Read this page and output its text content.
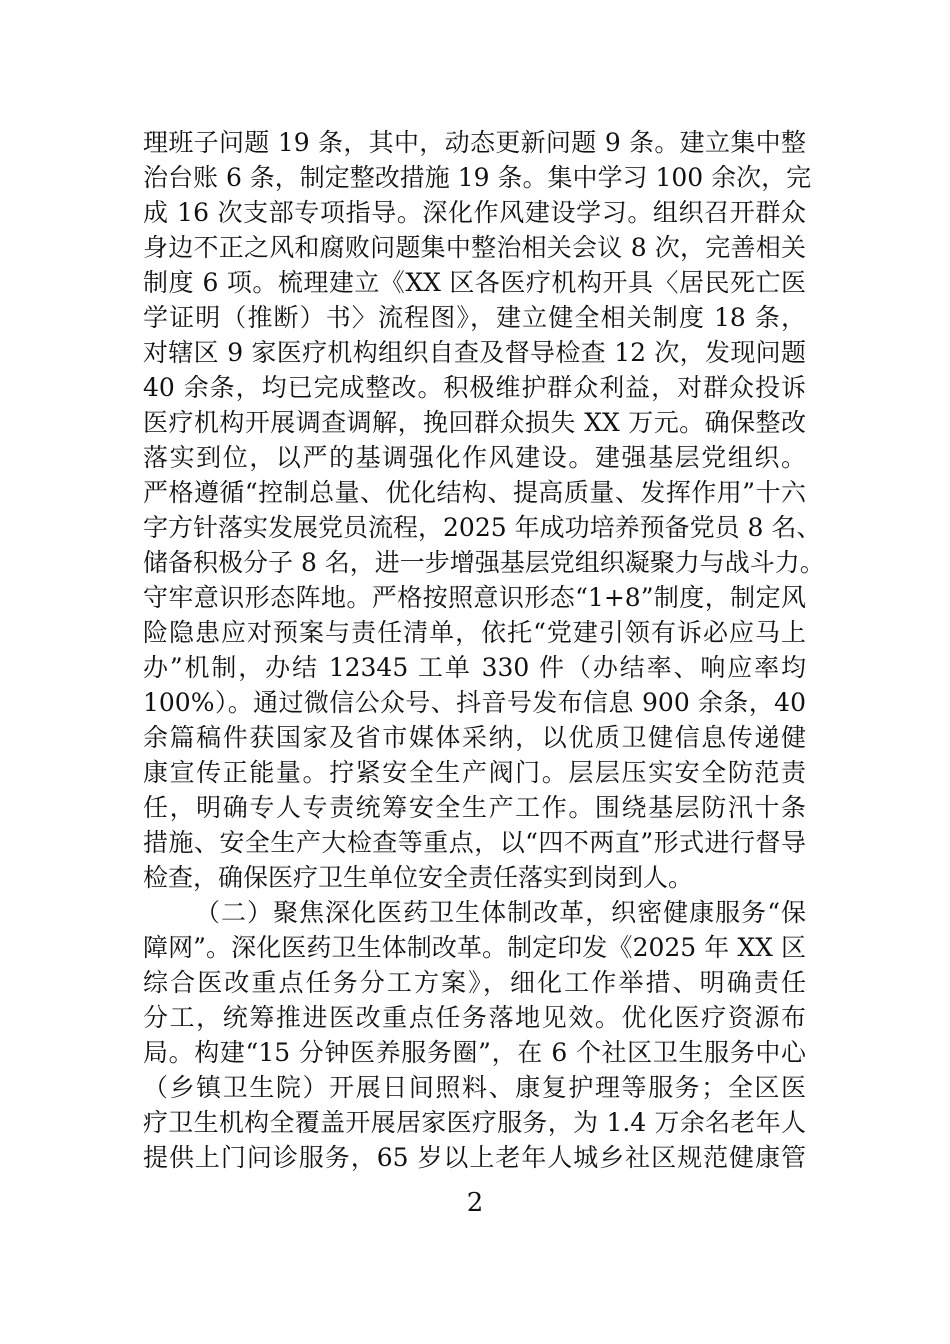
理班子问题 19 条，其中，动态更新问题 9 条。建立集中整
治台账 6 条，制定整改措施 19 条。集中学习 100 余次，完
成 16 次支部专项指导。深化作风建设学习。组织召开群众
身边不正之风和腐败问题集中整治相关会议 8 次，完善相关
制度 6 项。梳理建立《XX 区各医疗机构开具〈居民死亡医
学证明（推断）书〉流程图》，建立健全相关制度 18 条，
对辖区 9 家医疗机构组织自查及督导检查 12 次，发现问题
40 余条，均已完成整改。积极维护群众利益，对群众投诉
医疗机构开展调查调解，挽回群众损失 XX 万元。确保整改
落实到位，以严的基调强化作风建设。建强基层党组织。
严格遵循“控制总量、优化结构、提高质量、发挥作用”十六
字方针落实发展党员流程，2025 年成功培养预备党员 8 名、
储备积极分子 8 名，进一步增强基层党组织凝聚力与战斗力。
守牢意识形态阵地。严格按照意识形态“1+8”制度，制定风
险隐患应对预案与责任清单，依托“党建引领有诉必应马上
办”机制，办结 12345 工单 330 件（办结率、响应率均
100%）。通过微信公众号、抖音号发布信息 900 余条，40
余篇稿件获国家及省市媒体采纳，以优质卫健信息传递健
康宣传正能量。拧紧安全生产阀门。层层压实安全防范责
任，明确专人专责统筹安全生产工作。围绕基层防汛十条
措施、安全生产大检查等重点，以“四不两直”形式进行督导
检查，确保医疗卫生单位安全责任落实到岗到人。
（二）聚焦深化医药卫生体制改革，织密健康服务“保
障网”。深化医药卫生体制改革。制定印发《2025 年 XX 区
综合医改重点任务分工方案》，细化工作举措、明确责任
分工，统筹推进医改重点任务落地见效。优化医疗资源布
局。构建“15 分钟医养服务圈”，在 6 个社区卫生服务中心
（乡镇卫生院）开展日间照料、康复护理等服务；全区医
疗卫生机构全覆盖开展居家医疗服务，为 1.4 万余名老年人
提供上门问诊服务，65 岁以上老年人城乡社区规范健康管
2
